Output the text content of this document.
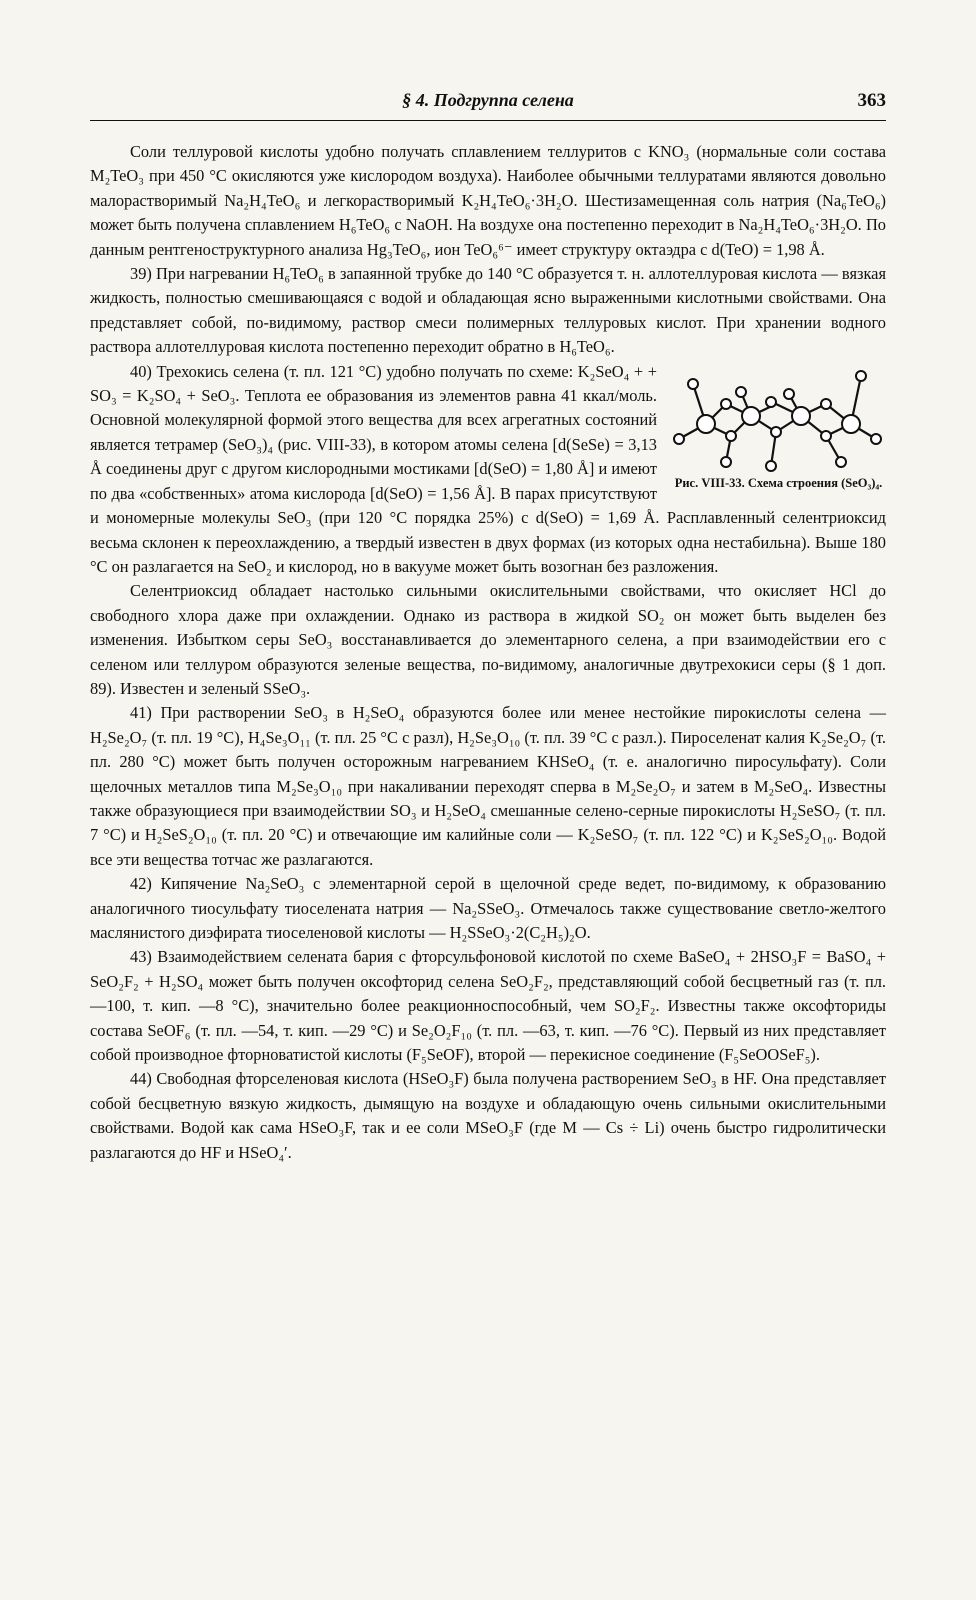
§ 4. Подгруппа селена	363

Соли теллуровой кислоты удобно получать сплавлением теллуритов с KNO₃ (нормальные соли состава M₂TeO₃ при 450 °C окисляются уже кислородом воздуха). Наиболее обычными теллуратами являются довольно малорастворимый Na₂H₄TeO₆ и легкорастворимый K₂H₄TeO₆·3H₂O. Шестизамещенная соль натрия (Na₆TeO₆) может быть получена сплавлением H₆TeO₆ с NaOH. На воздухе она постепенно переходит в Na₂H₄TeO₆·3H₂O. По данным рентгеноструктурного анализа Hg₃TeO₆, ион TeO₆⁶⁻ имеет структуру октаэдра с d(TeO) = 1,98 Å.

39) При нагревании H₆TeO₆ в запаянной трубке до 140 °C образуется т. н. аллотеллуровая кислота — вязкая жидкость, полностью смешивающаяся с водой и обладающая ясно выраженными кислотными свойствами. Она представляет собой, по-видимому, раствор смеси полимерных теллуровых кислот. При хранении водного раствора аллотеллуровая кислота постепенно переходит обратно в H₆TeO₆.

Рис. VIII-33. Схема строения (SeO₃)₄.

40) Трехокись селена (т. пл. 121 °C) удобно получать по схеме: K₂SeO₄ + + SO₃ = K₂SO₄ + SeO₃. Теплота ее образования из элементов равна 41 ккал/моль. Основной молекулярной формой этого вещества для всех агрегатных состояний является тетрамер (SeO₃)₄ (рис. VIII-33), в котором атомы селена [d(SeSe) = 3,13 Å соединены друг с другом кислородными мостиками [d(SeO) = 1,80 Å] и имеют по два «собственных» атома кислорода [d(SeO) = 1,56 Å]. В парах присутствуют и мономерные молекулы SeO₃ (при 120 °C порядка 25%) с d(SeO) = 1,69 Å. Расплавленный селентриоксид весьма склонен к переохлаждению, а твердый известен в двух формах (из которых одна нестабильна). Выше 180 °C он разлагается на SeO₂ и кислород, но в вакууме может быть возогнан без разложения.

Селентриоксид обладает настолько сильными окислительными свойствами, что окисляет HCl до свободного хлора даже при охлаждении. Однако из раствора в жидкой SO₂ он может быть выделен без изменения. Избытком серы SeO₃ восстанавливается до элементарного селена, а при взаимодействии его с селеном или теллуром образуются зеленые вещества, по-видимому, аналогичные двутрехокиси серы (§ 1 доп. 89). Известен и зеленый SSeO₃.

41) При растворении SeO₃ в H₂SeO₄ образуются более или менее нестойкие пирокислоты селена — H₂Se₂O₇ (т. пл. 19 °C), H₄Se₃O₁₁ (т. пл. 25 °C с разл), H₂Se₃O₁₀ (т. пл. 39 °C с разл.). Пироселенат калия K₂Se₂O₇ (т. пл. 280 °C) может быть получен осторожным нагреванием KHSeO₄ (т. е. аналогично пиросульфату). Соли щелочных металлов типа M₂Se₃O₁₀ при накаливании переходят сперва в M₂Se₂O₇ и затем в M₂SeO₄. Известны также образующиеся при взаимодействии SO₃ и H₂SeO₄ смешанные селено-серные пирокислоты H₂SeSO₇ (т. пл. 7 °C) и H₂SeS₂O₁₀ (т. пл. 20 °C) и отвечающие им калийные соли — K₂SeSO₇ (т. пл. 122 °C) и K₂SeS₂O₁₀. Водой все эти вещества тотчас же разлагаются.

42) Кипячение Na₂SeO₃ с элементарной серой в щелочной среде ведет, по-видимому, к образованию аналогичного тиосульфату тиоселената натрия — Na₂SSeO₃. Отмечалось также существование светло-желтого маслянистого диэфирата тиоселеновой кислоты — H₂SSeO₃·2(C₂H₅)₂O.

43) Взаимодействием селената бария с фторсульфоновой кислотой по схеме BaSeO₄ + 2HSO₃F = BaSO₄ + SeO₂F₂ + H₂SO₄ может быть получен оксофторид селена SeO₂F₂, представляющий собой бесцветный газ (т. пл. —100, т. кип. —8 °C), значительно более реакционноспособный, чем SO₂F₂. Известны также оксофториды состава SeOF₆ (т. пл. —54, т. кип. —29 °C) и Se₂O₂F₁₀ (т. пл. —63, т. кип. —76 °C). Первый из них представляет собой производное фторноватистой кислоты (F₅SeOF), второй — перекисное соединение (F₅SeOOSeF₅).

44) Свободная фторселеновая кислота (HSeO₃F) была получена растворением SeO₃ в HF. Она представляет собой бесцветную вязкую жидкость, дымящую на воздухе и обладающую очень сильными окислительными свойствами. Водой как сама HSeO₃F, так и ее соли MSeO₃F (где M — Cs ÷ Li) очень быстро гидролитически разлагаются до HF и HSeO₄′.
